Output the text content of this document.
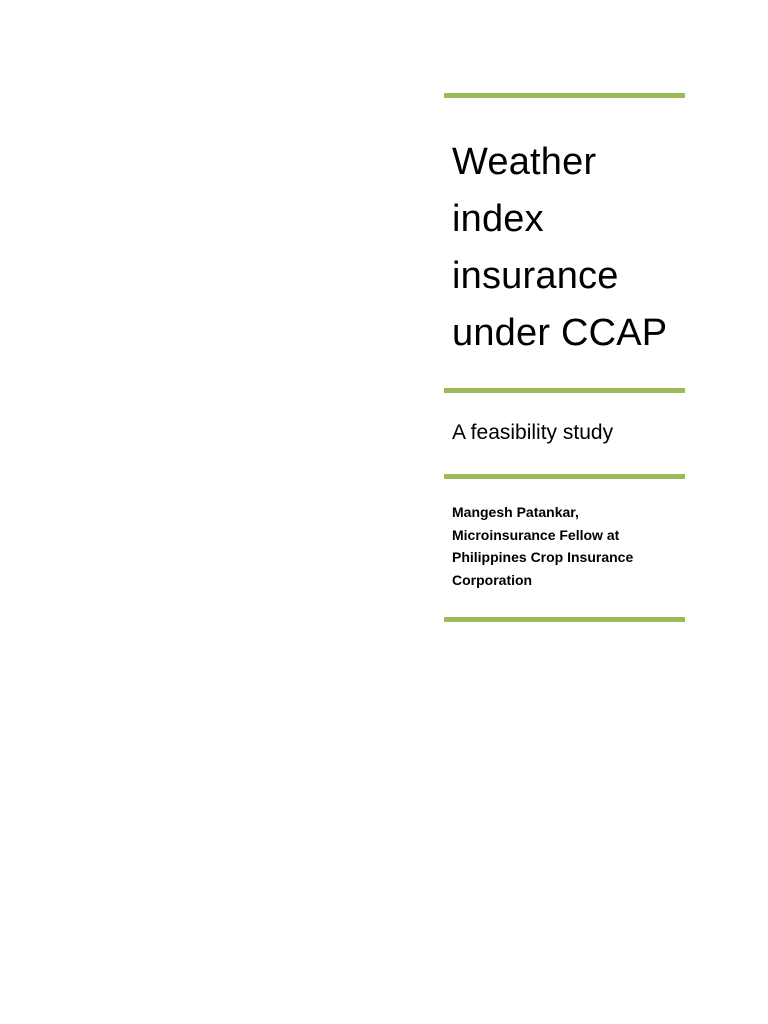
Weather
index
insurance
under CCAP
A feasibility study
Mangesh Patankar,
Microinsurance Fellow at
Philippines Crop Insurance
Corporation
